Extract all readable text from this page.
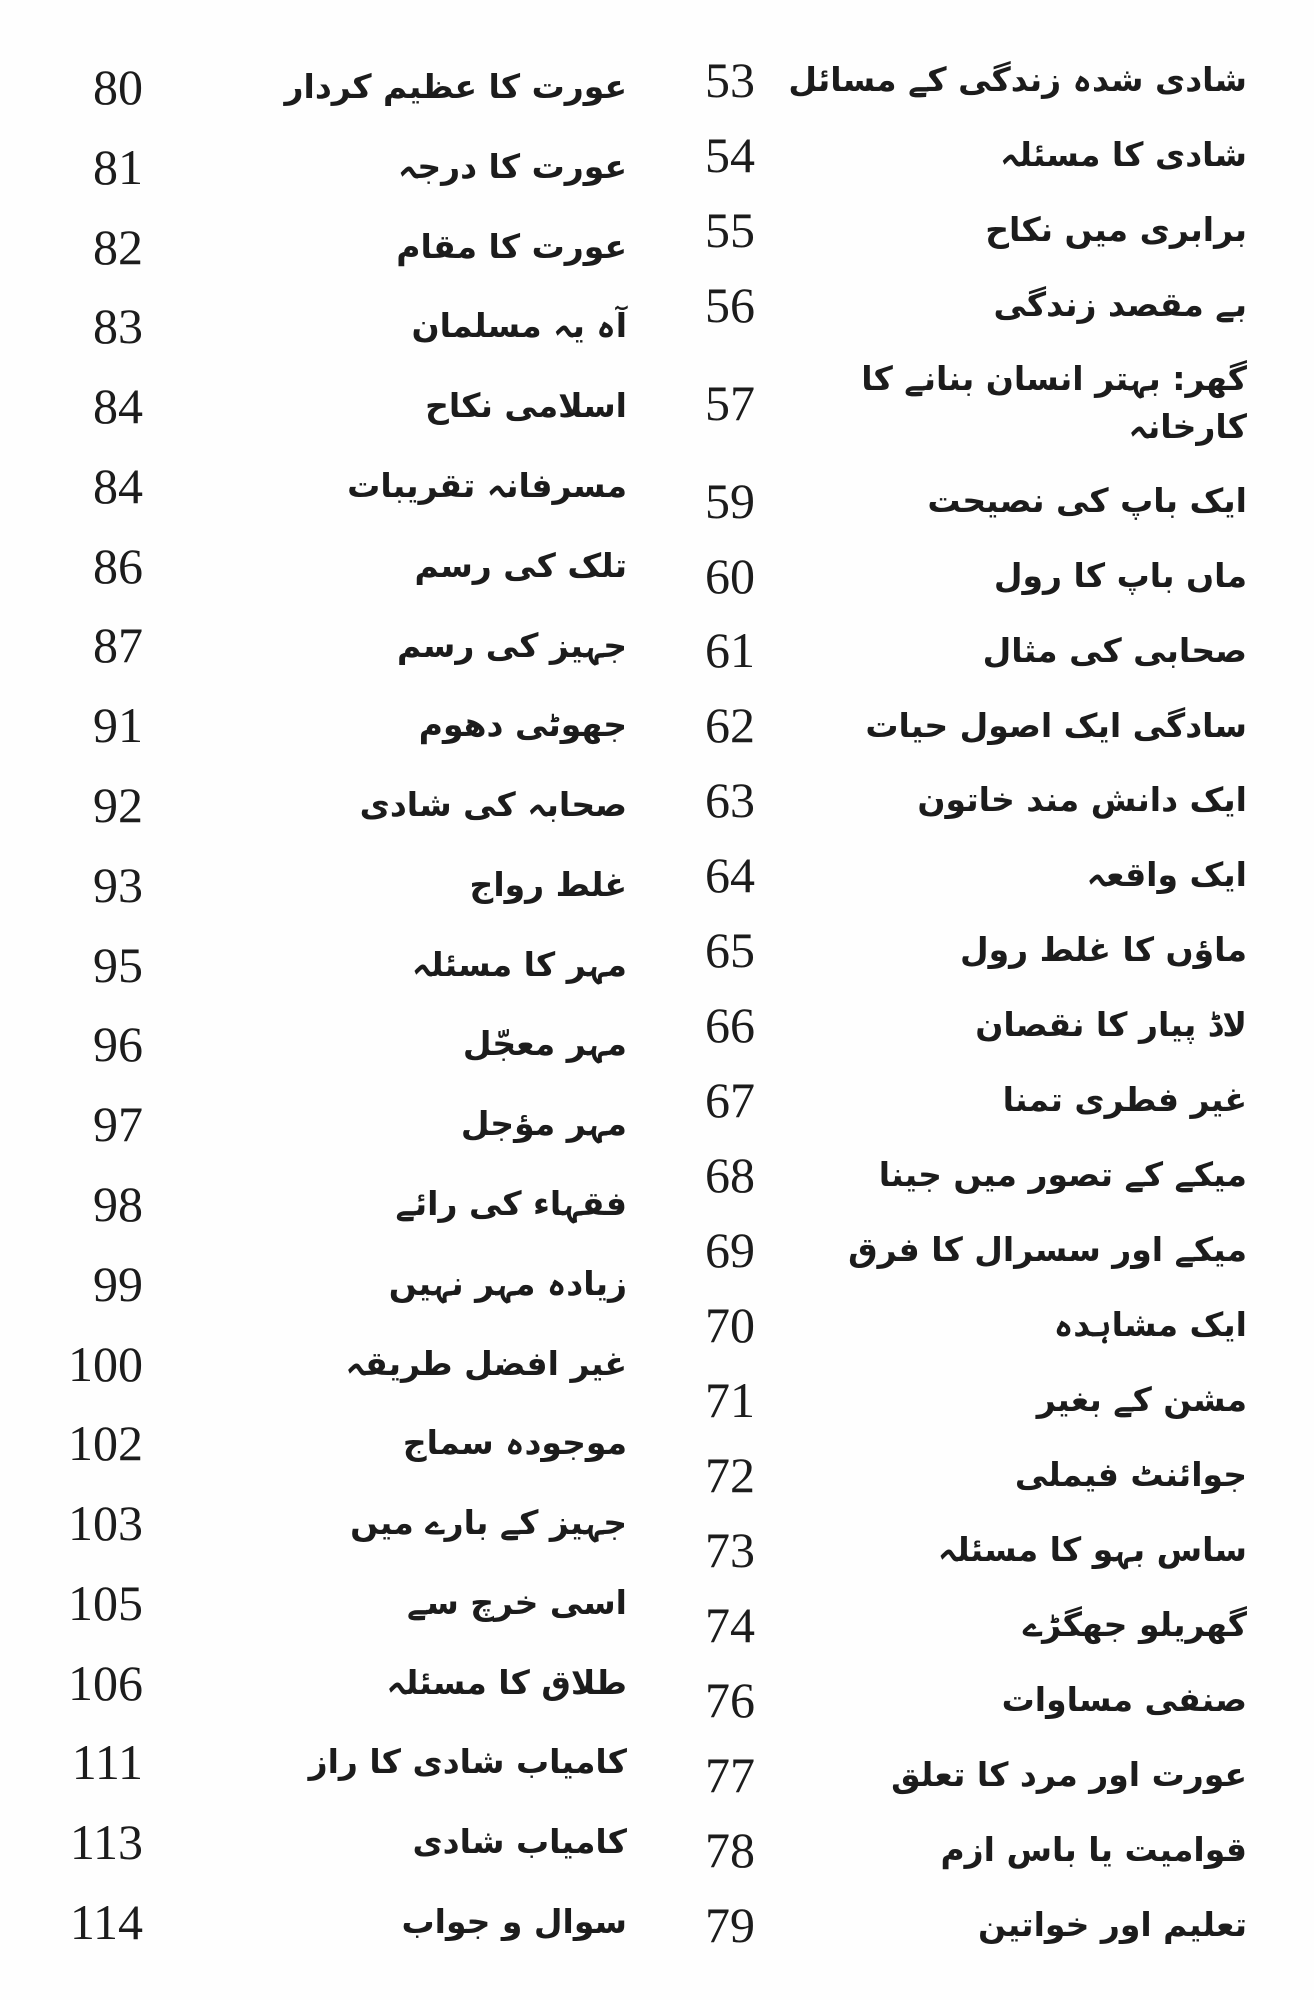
53	شادی شدہ زندگی کے مسائل
54	شادی کا مسئلہ
55	برابری میں نکاح
56	بے مقصد زندگی
57	گھر: بہتر انسان بنانے کا کارخانہ
59	ایک باپ کی نصیحت
60	ماں باپ کا رول
61	صحابی کی مثال
62	سادگی ایک اصول حیات
63	ایک دانش مند خاتون
64	ایک واقعہ
65	ماؤں کا غلط رول
66	لاڈ پیار کا نقصان
67	غیر فطری تمنا
68	میکے کے تصور میں جینا
69	میکے اور سسرال کا فرق
70	ایک مشاہدہ
71	مشن کے بغیر
72	جوائنٹ فیملی
73	ساس بہو کا مسئلہ
74	گھریلو جھگڑے
76	صنفی مساوات
77	عورت اور مرد کا تعلق
78	قوامیت یا باس ازم
79	تعلیم اور خواتین
80	عورت کا عظیم کردار
81	عورت کا درجہ
82	عورت کا مقام
83	آہ یہ مسلمان
84	اسلامی نکاح
84	مسرفانہ تقریبات
86	تلک کی رسم
87	جہیز کی رسم
91	جھوٹی دھوم
92	صحابہ کی شادی
93	غلط رواج
95	مہر کا مسئلہ
96	مہر معجّل
97	مہر مؤجل
98	فقہاء کی رائے
99	زیادہ مہر نہیں
100	غیر افضل طریقہ
102	موجودہ سماج
103	جہیز کے بارے میں
105	اسی خرچ سے
106	طلاق کا مسئلہ
111	کامیاب شادی کا راز
113	کامیاب شادی
114	سوال و جواب
